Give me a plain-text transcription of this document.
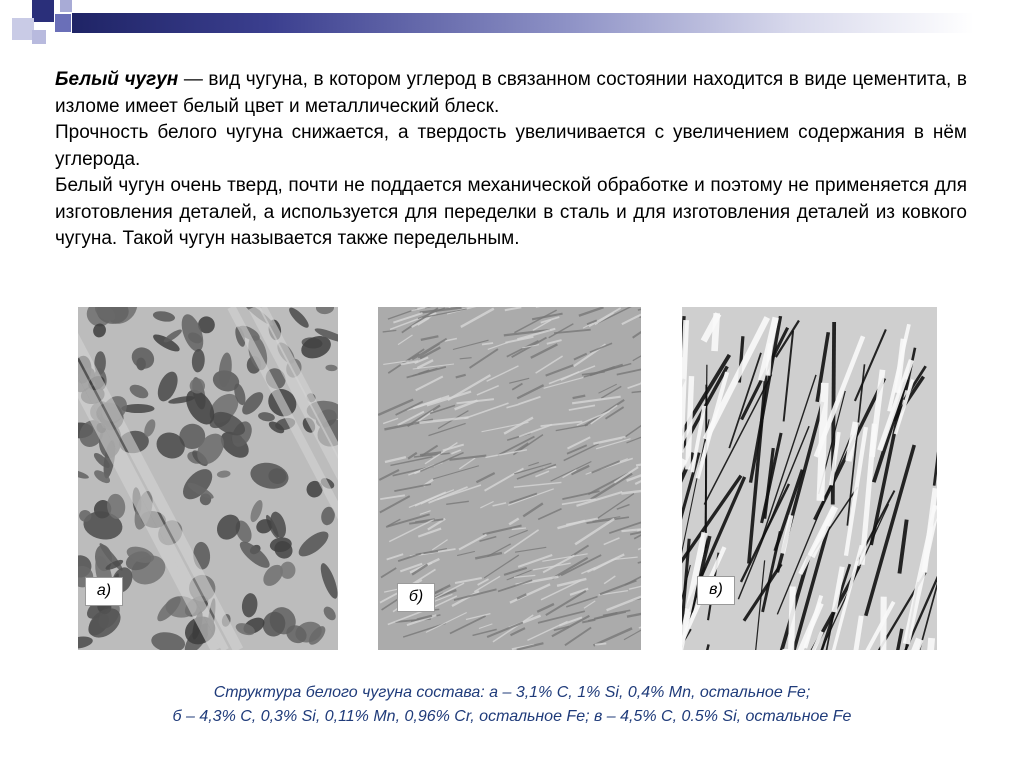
Белый чугун — вид чугуна, в котором углерод в связанном состоянии находится в виде цементита, в изломе имеет белый цвет и металлический блеск.

Прочность белого чугуна снижается, а твердость увеличивается с увеличением содержания в нём углерода.

Белый чугун очень тверд, почти не поддается механической обработке и поэтому не применяется для изготовления деталей, а используется для переделки в сталь и для изготовления деталей из ковкого чугуна. Такой чугун называется также передельным.

а)	б)	в)
Структура белого чугуна состава: а – 3,1% C, 1% Si, 0,4% Mn, остальное Fe;
б – 4,3% C, 0,3% Si, 0,11% Mn, 0,96% Cr, остальное Fe; в – 4,5% C, 0.5% Si, остальное Fe
